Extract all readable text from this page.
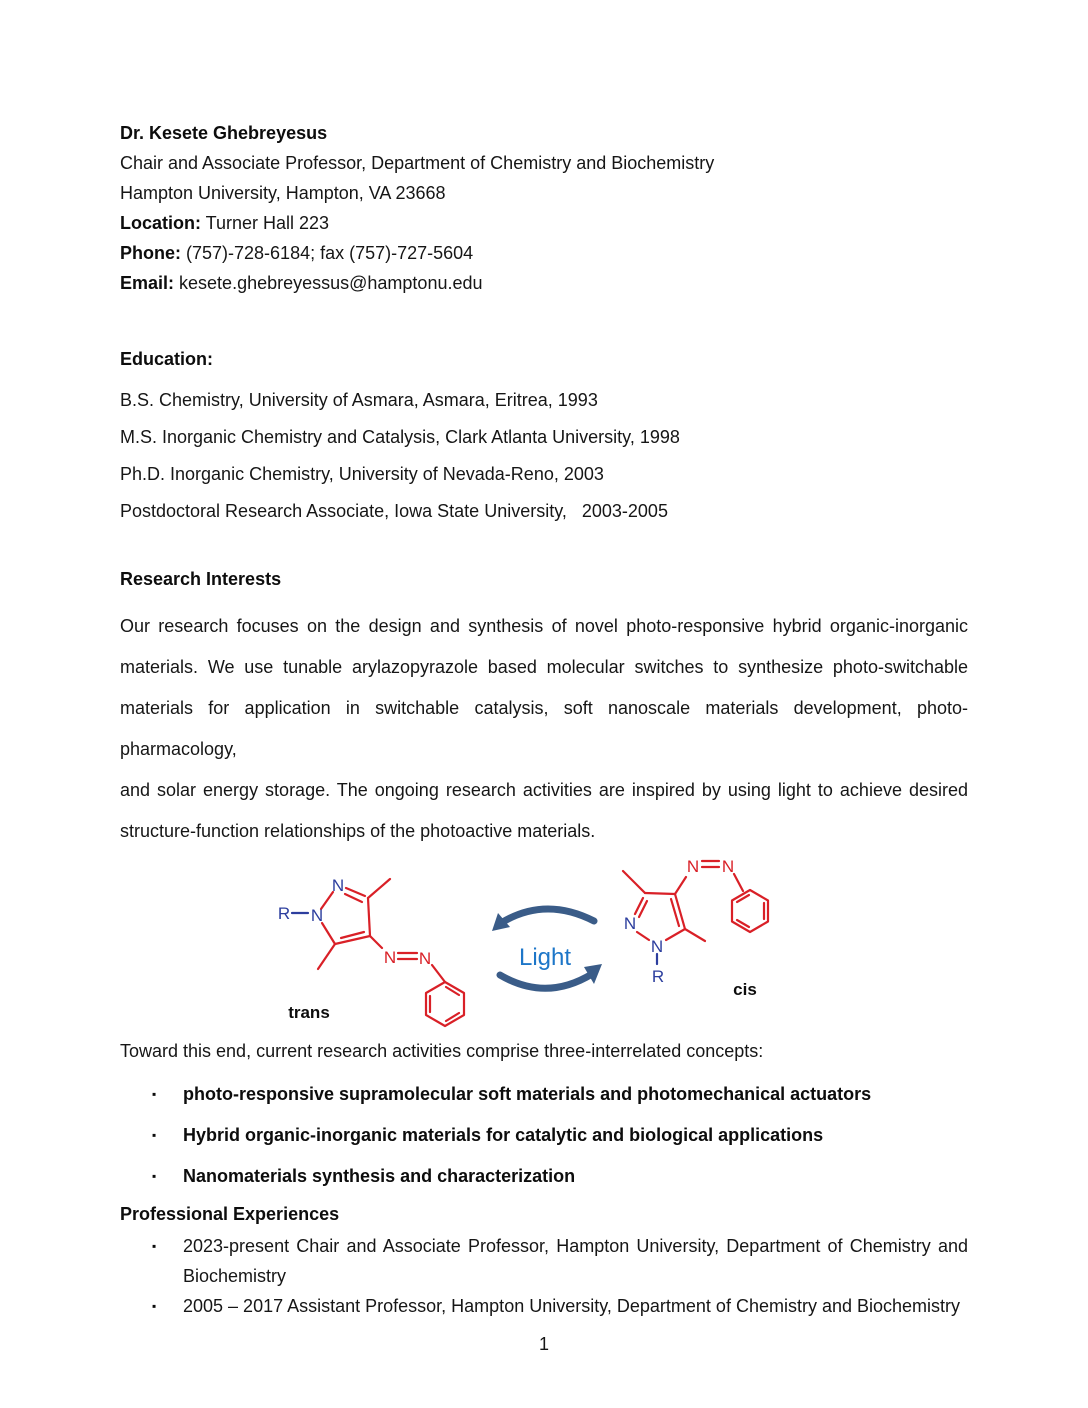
Dr. Kesete Ghebreyesus

Chair and Associate Professor, Department of Chemistry and Biochemistry

Hampton University, Hampton, VA 23668

Location: Turner Hall 223

Phone: (757)-728-6184; fax (757)-727-5604

Email: kesete.ghebreyessus@hamptonu.edu

Education:

B.S. Chemistry, University of Asmara, Asmara, Eritrea, 1993

M.S. Inorganic Chemistry and Catalysis, Clark Atlanta University, 1998

Ph.D. Inorganic Chemistry, University of Nevada-Reno, 2003

Postdoctoral Research Associate, Iowa State University,   2003-2005

Research Interests
Our research focuses on the design and synthesis of novel photo-responsive hybrid organic-inorganic
materials. We use tunable arylazopyrazole based molecular switches to synthesize photo-switchable
materials for application in switchable catalysis, soft nanoscale materials development, photo-pharmacology,
and solar energy storage. The ongoing research activities are inspired by using light to achieve desired
structure-function relationships of the photoactive materials.
R N
N
N N
trans
Light
N
N
N N
R
cis

Toward this end, current research activities comprise three-interrelated concepts:

▪ photo-responsive supramolecular soft materials and photomechanical actuators
▪ Hybrid organic-inorganic materials for catalytic and biological applications
▪ Nanomaterials synthesis and characterization
Professional Experiences
▪ 2023-present Chair and Associate Professor, Hampton University, Department of Chemistry and
Biochemistry
▪ 2005 – 2017 Assistant Professor, Hampton University, Department of Chemistry and Biochemistry
1
